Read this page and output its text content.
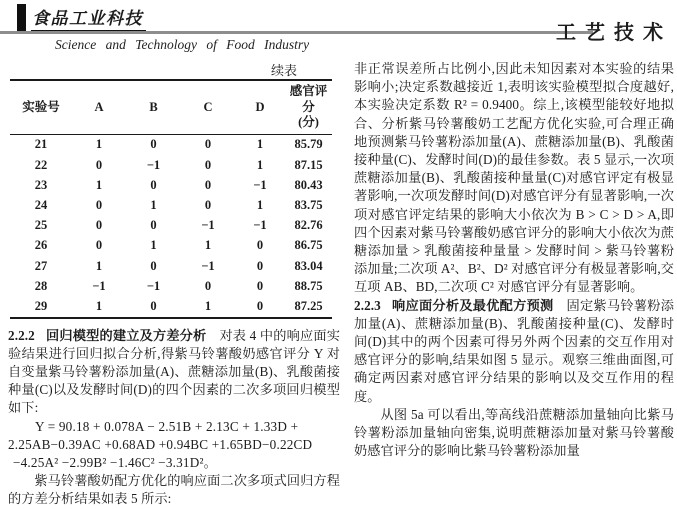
食品工业科技
工艺技术
Science and Technology of Food Industry
续表
实验号	A	B	C	D	感官评分
(分)

21	1	0	0	1	85.79
22	0	−1	0	1	87.15
23	1	0	0	−1	80.43
24	0	1	0	1	83.75
25	0	0	−1	−1	82.76
26	0	1	1	0	86.75
27	1	0	−1	0	83.04
28	−1	−1	0	0	88.75
29	1	0	1	0	87.25

2.2.2 回归模型的建立及方差分析 对表 4 中的响应面实验结果进行回归拟合分析,得紫马铃薯酸奶感官评分 Y 对自变量紫马铃薯粉添加量(A)、蔗糖添加量(B)、乳酸菌接种量(C)以及发酵时间(D)的四个因素的二次多项回归模型如下:

Y = 90.18 + 0.078A − 2.51B + 2.13C + 1.33D +
2.25AB−0.39AC +0.68AD +0.94BC +1.65BD−0.22CD
−4.25A² −2.99B² −1.46C² −3.31D²。

紫马铃薯酸奶配方优化的响应面二次多项式回归方程的方差分析结果如表 5 所示:

非正常误差所占比例小,因此未知因素对本实验的结果影响小;决定系数越接近 1,表明该实验模型拟合度越好,本实验决定系数 R² = 0.9400。综上,该模型能较好地拟合、分析紫马铃薯酸奶工艺配方优化实验,可合理正确地预测紫马铃薯粉添加量(A)、蔗糖添加量(B)、乳酸菌接种量(C)、发酵时间(D)的最佳参数。表 5 显示,一次项蔗糖添加量(B)、乳酸菌接种量量(C)对感官评定有极显著影响,一次项发酵时间(D)对感官评分有显著影响,一次项对感官评定结果的影响大小依次为 B > C > D > A,即四个因素对紫马铃薯酸奶感官评分的影响大小依次为蔗糖添加量 > 乳酸菌接种量量 > 发酵时间 > 紫马铃薯粉添加量;二次项 A²、B²、D² 对感官评分有极显著影响,交互项 AB、BD,二次项 C² 对感官评分有显著影响。

2.2.3 响应面分析及最优配方预测 固定紫马铃薯粉添加量(A)、蔗糖添加量(B)、乳酸菌接种量(C)、发酵时间(D)其中的两个因素可得另外两个因素的交互作用对感官评分的影响,结果如图 5 显示。观察三维曲面图,可确定两因素对感官评分结果的影响以及交互作用的程度。

从图 5a 可以看出,等高线沿蔗糖添加量轴向比紫马铃薯粉添加量轴向密集,说明蔗糖添加量对紫马铃薯酸奶感官评分的影响比紫马铃薯粉添加量
